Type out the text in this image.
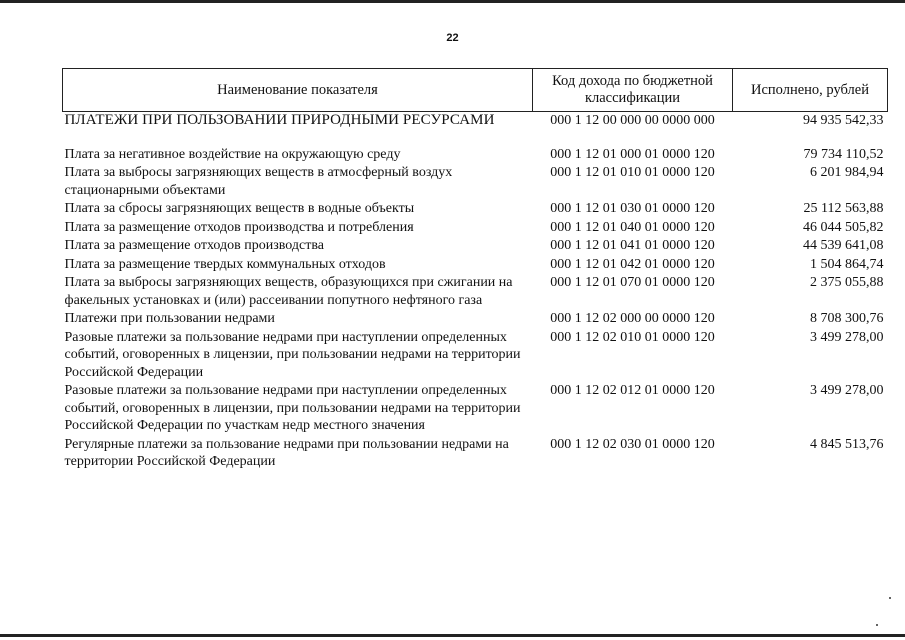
22
Наименование показателя	Код дохода по бюджетной классификации	Исполнено, рублей
ПЛАТЕЖИ ПРИ ПОЛЬЗОВАНИИ ПРИРОДНЫМИ РЕСУРСАМИ	000 1 12 00 000 00 0000 000	94 935 542,33

Плата за негативное воздействие на окружающую среду	000 1 12 01 000 01 0000 120	79 734 110,52
Плата за выбросы загрязняющих веществ в атмосферный воздух стационарными объектами	000 1 12 01 010 01 0000 120	6 201 984,94
Плата за сбросы загрязняющих веществ в водные объекты	000 1 12 01 030 01 0000 120	25 112 563,88
Плата за размещение отходов производства и потребления	000 1 12 01 040 01 0000 120	46 044 505,82
Плата за размещение отходов производства	000 1 12 01 041 01 0000 120	44 539 641,08
Плата за размещение твердых коммунальных отходов	000 1 12 01 042 01 0000 120	1 504 864,74
Плата за выбросы загрязняющих веществ, образующихся при сжигании на факельных установках и (или) рассеивании попутного нефтяного газа	000 1 12 01 070 01 0000 120	2 375 055,88
Платежи при пользовании недрами	000 1 12 02 000 00 0000 120	8 708 300,76
Разовые платежи за пользование недрами при наступлении определенных событий, оговоренных в лицензии, при пользовании недрами на территории Российской Федерации	000 1 12 02 010 01 0000 120	3 499 278,00
Разовые платежи за пользование недрами при наступлении определенных событий, оговоренных в лицензии, при пользовании недрами на территории Российской Федерации по участкам недр местного значения	000 1 12 02 012 01 0000 120	3 499 278,00
Регулярные платежи за пользование недрами при пользовании недрами на территории Российской Федерации	000 1 12 02 030 01 0000 120	4 845 513,76
